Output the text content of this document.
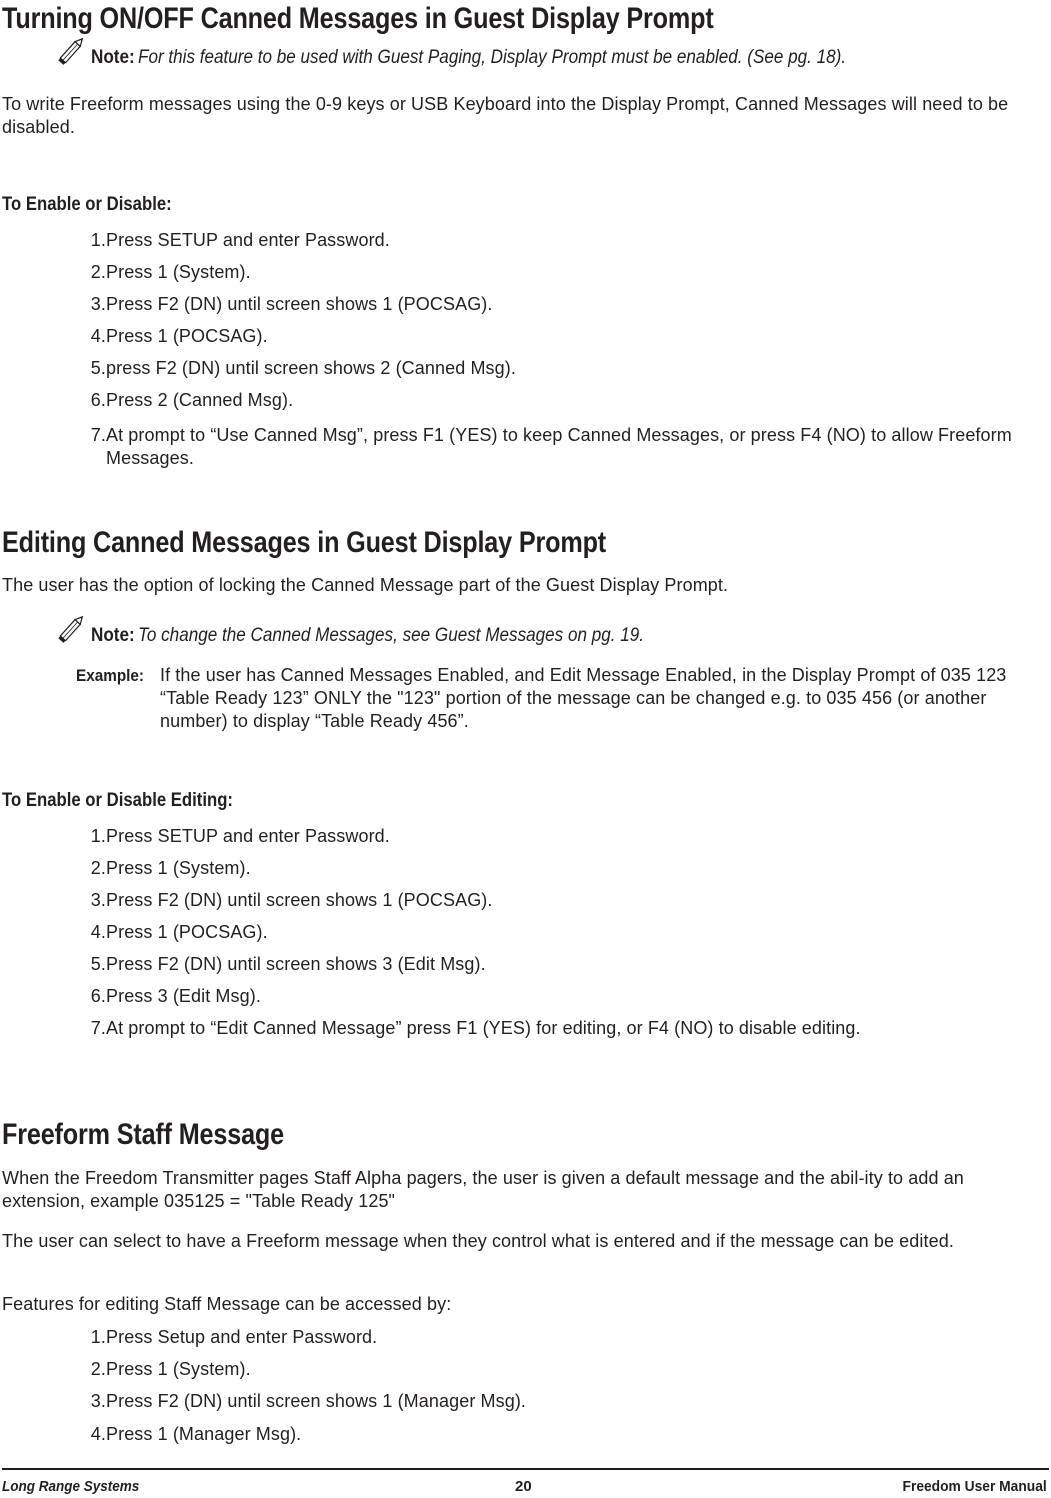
Turning ON/OFF Canned Messages in Guest Display Prompt
Note: For this feature to be used with Guest Paging, Display Prompt must be enabled. (See pg. 18).

To write Freeform messages using the 0-9 keys or USB Keyboard into the Display Prompt, Canned Messages will need to be disabled.

To Enable or Disable:
1. Press SETUP and enter Password.
2. Press 1 (System).
3. Press F2 (DN) until screen shows 1 (POCSAG).
4. Press 1 (POCSAG).
5. press F2 (DN) until screen shows 2 (Canned Msg).
6. Press 2 (Canned Msg).
7. At prompt to “Use Canned Msg”, press F1 (YES) to keep Canned Messages, or press F4 (NO) to allow Freeform Messages.
Editing Canned Messages in Guest Display Prompt

The user has the option of locking the Canned Message part of the Guest Display Prompt.

Note: To change the Canned Messages, see Guest Messages on pg. 19.
Example: If the user has Canned Messages Enabled, and Edit Message Enabled, in the Display Prompt of 035 123 “Table Ready 123” ONLY the "123" portion of the message can be changed e.g. to 035 456 (or another number) to display “Table Ready 456”.
To Enable or Disable Editing:
1. Press SETUP and enter Password.
2. Press 1 (System).
3. Press F2 (DN) until screen shows 1 (POCSAG).
4. Press 1 (POCSAG).
5. Press F2 (DN) until screen shows 3 (Edit Msg).
6. Press 3 (Edit Msg).
7. At prompt to “Edit Canned Message” press F1 (YES) for editing, or F4 (NO) to disable editing.
Freeform Staff Message

When the Freedom Transmitter pages Staff Alpha pagers, the user is given a default message and the abil-ity to add an extension, example 035125 = "Table Ready 125"

The user can select to have a Freeform message when they control what is entered and if the message can be edited.

Features for editing Staff Message can be accessed by:

1. Press Setup and enter Password.
2. Press 1 (System).
3. Press F2 (DN) until screen shows 1 (Manager Msg).
4. Press 1 (Manager Msg).
Long Range Systems	20	Freedom User Manual
